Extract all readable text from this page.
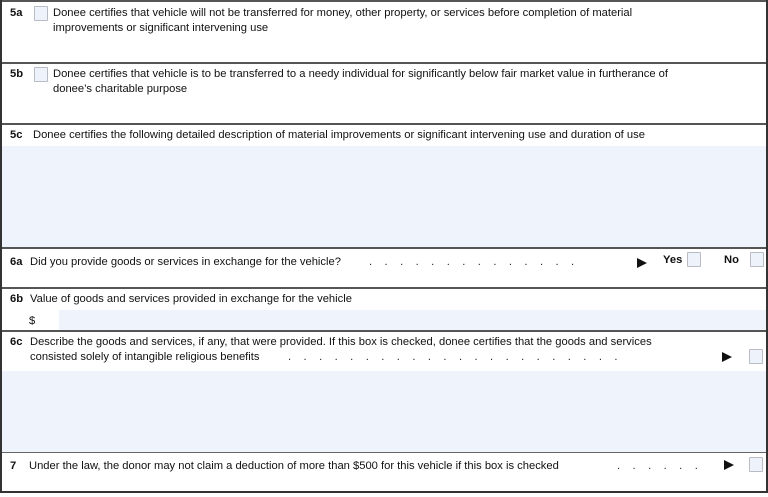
5a	Donee certifies that vehicle will not be transferred for money, other property, or services before completion of material
improvements or significant intervening use
5b	Donee certifies that vehicle is to be transferred to a needy individual for significantly below fair market value in furtherance of
donee’s charitable purpose
5c Donee certifies the following detailed description of material improvements or significant intervening use and duration of use
6a Did you provide goods or services in exchange for the vehicle?	.    .    .    .    .    .    .    .    .    .    .    .    .    .	Yes	No
6b Value of goods and services provided in exchange for the vehicle
$
6c Describe the goods and services, if any, that were provided. If this box is checked, donee certifies that the goods and services
consisted solely of intangible religious benefits	.    .    .    .    .    .    .    .    .    .    .    .    .    .    .    .    .    .    .    .    .    .
7 Under the law, the donor may not claim a deduction of more than $500 for this vehicle if this box is checked	.    .    .    .    .    .
